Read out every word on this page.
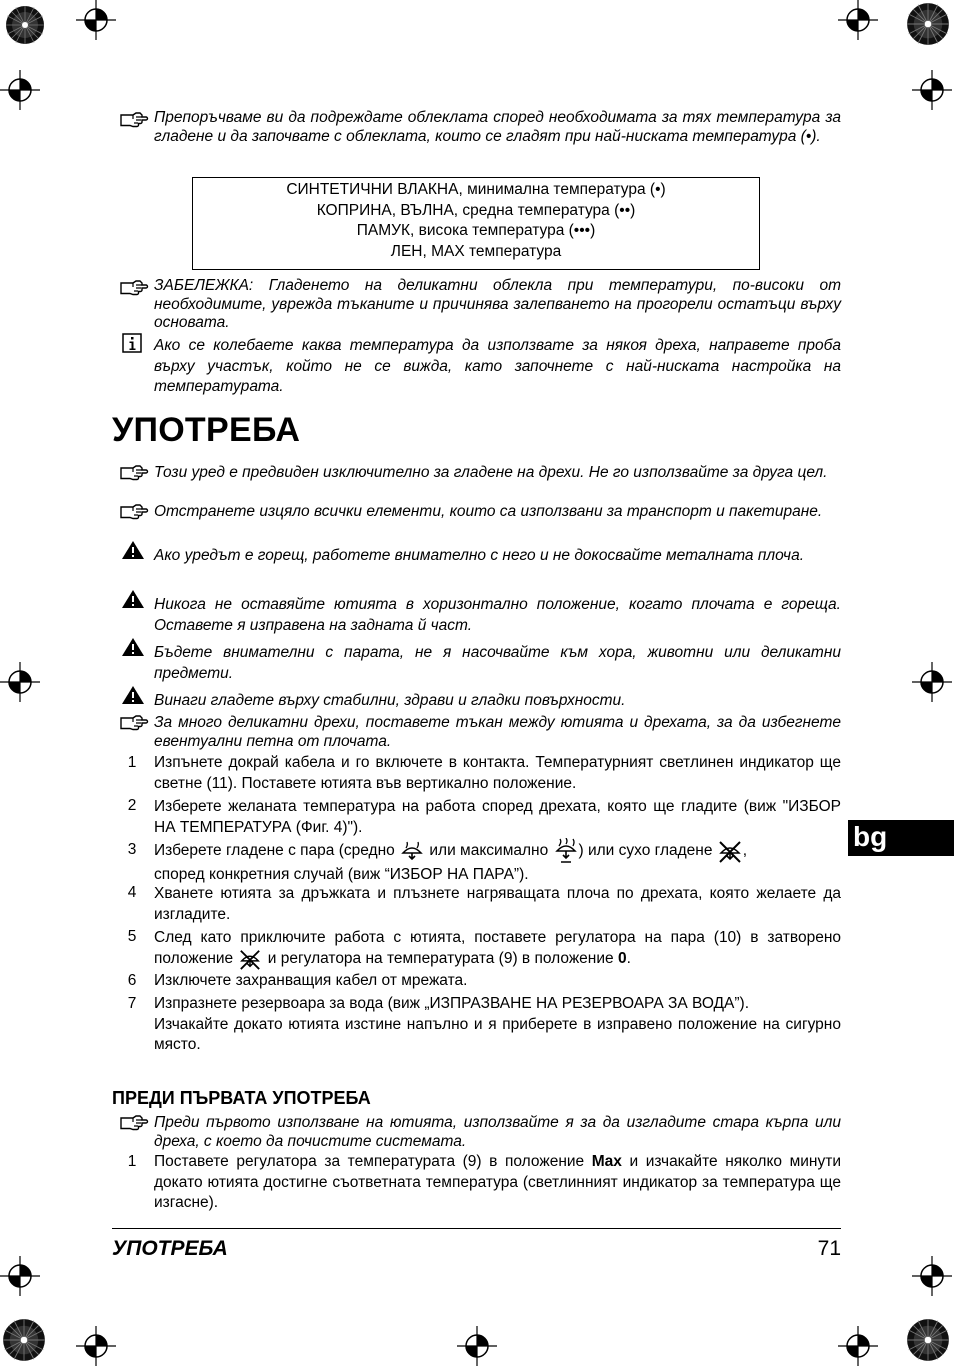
Препоръчваме ви да подреждате облеклата според необходимата за тях температура за гладене и да започвате с облеклата, които се гладят при най-ниската температура (•).
СИНТЕТИЧНИ ВЛАКНА, минимална температура (•)
КОПРИНА, ВЪЛНА, средна температура (••)
ПАМУК, висока температура (•••)
ЛЕН, MAX температура
ЗАБЕЛЕЖКА: Гладенето на деликатни облекла при температури, по-високи от необходимите, уврежда тъканите и причинява залепването на прогорели остатъци върху основата.
Ако се колебаете каква температура да използвате за някоя дреха, направете проба върху участък, който не се вижда, като започнете с най-ниската настройка на температурата.
УПОТРЕБА
Този уред е предвиден изключително за гладене на дрехи. Не го използвайте за друга цел.
Отстранете изцяло всички елементи, които са използвани за транспорт и пакетиране.
Ако уредът е горещ, работете внимателно с него и не докосвайте металната плоча.
Никога не оставяйте ютията в хоризонтално положение, когато плочата е гореща. Оставете я изправена на задната й част.
Бъдете внимателни с парата, не я насочвайте към хора, животни или деликатни предмети.
Винаги гладете върху стабилни, здрави и гладки повърхности.
За много деликатни дрехи, поставете тъкан между ютията и дрехата, за да избегнете евентуални петна от плочата.
1	Изпънете докрай кабела и го включете в контакта. Температурният светлинен индикатор ще светне (11). Поставете ютията във вертикално положение.
2	Изберете желаната температура на работа според дрехата, която ще гладите (виж "ИЗБОР НА ТЕМПЕРАТУРА (Фиг. 4)").
3	Изберете гладене с пара (средно или максимално ) или сухо гладене ,
според конкретния случай (виж “ИЗБОР НА ПАРА”).
4	Хванете ютията за дръжката и плъзнете нагряващата плоча по дрехата, която желаете да изгладите.
5	След като приключите работа с ютията, поставете регулатора на пара (10) в затворено положение и регулатора на температурата (9) в положение 0.
6	Изключете захранващия кабел от мрежата.
7	Изпразнете резервоара за вода (виж „ИЗПРАЗВАНЕ НА РЕЗЕРВОАРА ЗА ВОДА”).
Изчакайте докато ютията изстине напълно и я приберете в изправено положение на сигурно място.
ПРЕДИ ПЪРВАТА УПОТРЕБА
Преди първото използване на ютията, използвайте я за да изгладите стара кърпа или дреха, с което да почистите системата.
1	Поставете регулатора за температурата (9) в положение Max и изчакайте няколко минути докато ютията достигне съответната температура (светлинният индикатор за температура ще изгасне).
УПОТРЕБА	71
bg
